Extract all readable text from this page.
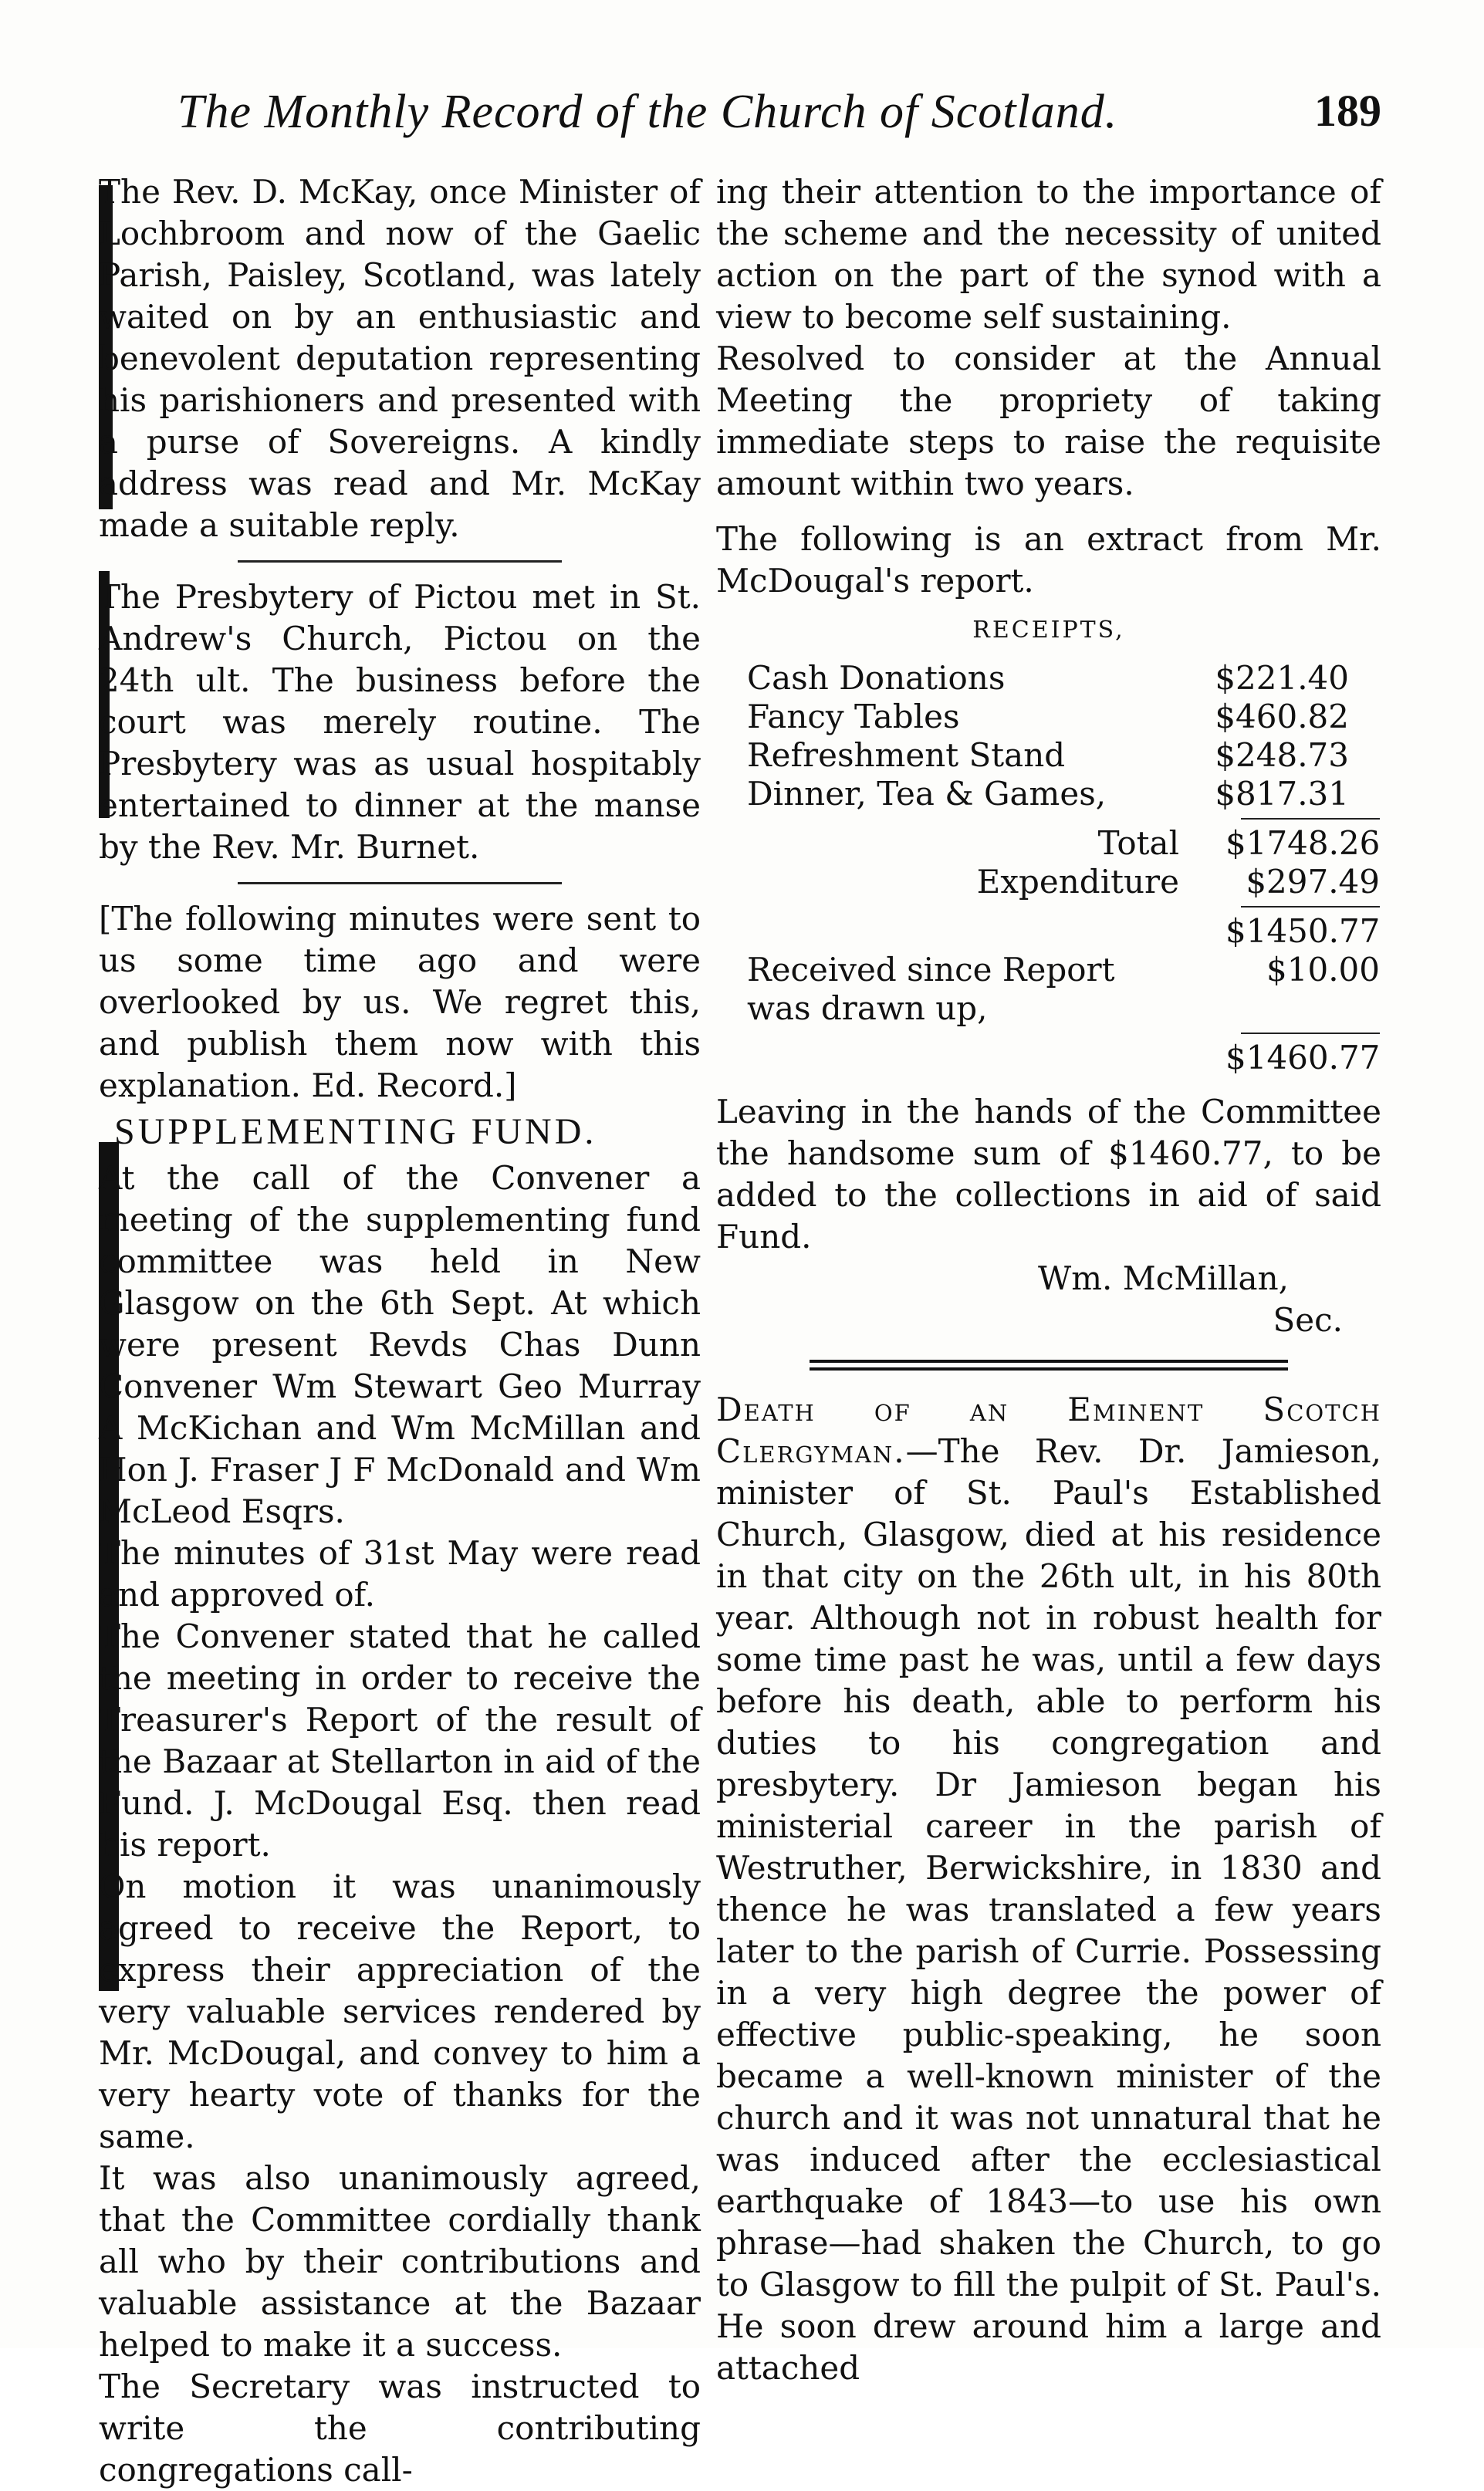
The Monthly Record of the Church of Scotland.	189

The Rev. D. McKay, once Minister of Lochbroom and now of the Gaelic Parish, Paisley, Scotland, was lately waited on by an enthusiastic and benevolent deputation representing his parishioners and presented with a purse of Sovereigns. A kindly address was read and Mr. McKay made a suitable reply.

The Presbytery of Pictou met in St. Andrew's Church, Pictou on the 24th ult. The business before the court was merely routine. The Presbytery was as usual hospitably entertained to dinner at the manse by the Rev. Mr. Burnet.

[The following minutes were sent to us some time ago and were overlooked by us. We regret this, and publish them now with this explanation. Ed. Record.]

SUPPLEMENTING FUND.

At the call of the Convener a meeting of the supplementing fund committee was held in New Glasgow on the 6th Sept. At which were present Revds Chas Dunn Convener Wm Stewart Geo Murray A McKichan and Wm McMillan and Hon J. Fraser J F McDonald and Wm McLeod Esqrs.

The minutes of 31st May were read and approved of.

The Convener stated that he called the meeting in order to receive the Treasurer's Report of the result of the Bazaar at Stellarton in aid of the Fund. J. McDougal Esq. then read his report.

On motion it was unanimously agreed to receive the Report, to express their appreciation of the very valuable services rendered by Mr. McDougal, and convey to him a very hearty vote of thanks for the same.

It was also unanimously agreed, that the Committee cordially thank all who by their contributions and valuable assistance at the Bazaar helped to make it a success.

The Secretary was instructed to write the contributing congregations call-

ing their attention to the importance of the scheme and the necessity of united action on the part of the synod with a view to become self sustaining.

Resolved to consider at the Annual Meeting the propriety of taking immediate steps to raise the requisite amount within two years.

The following is an extract from Mr. McDougal's report.

RECEIPTS,
Cash Donations	$221.40
Fancy Tables	$460.82
Refreshment Stand	$248.73
Dinner, Tea & Games,	$817.31
Total	$1748.26
Expenditure	$297.49
$1450.77
Received since Report was drawn up,
$10.00
$1460.77

Leaving in the hands of the Committee the handsome sum of $1460.77, to be added to the collections in aid of said Fund.

Wm. McMillan,
Sec.

Death of an Eminent Scotch Clergyman.—The Rev. Dr. Jamieson, minister of St. Paul's Established Church, Glasgow, died at his residence in that city on the 26th ult, in his 80th year. Although not in robust health for some time past he was, until a few days before his death, able to perform his duties to his congregation and presbytery. Dr Jamieson began his ministerial career in the parish of Westruther, Berwickshire, in 1830 and thence he was translated a few years later to the parish of Currie. Possessing in a very high degree the power of effective public-speaking, he soon became a well-known minister of the church and it was not unnatural that he was induced after the ecclesiastical earthquake of 1843—to use his own phrase—had shaken the Church, to go to Glasgow to fill the pulpit of St. Paul's. He soon drew around him a large and attached
